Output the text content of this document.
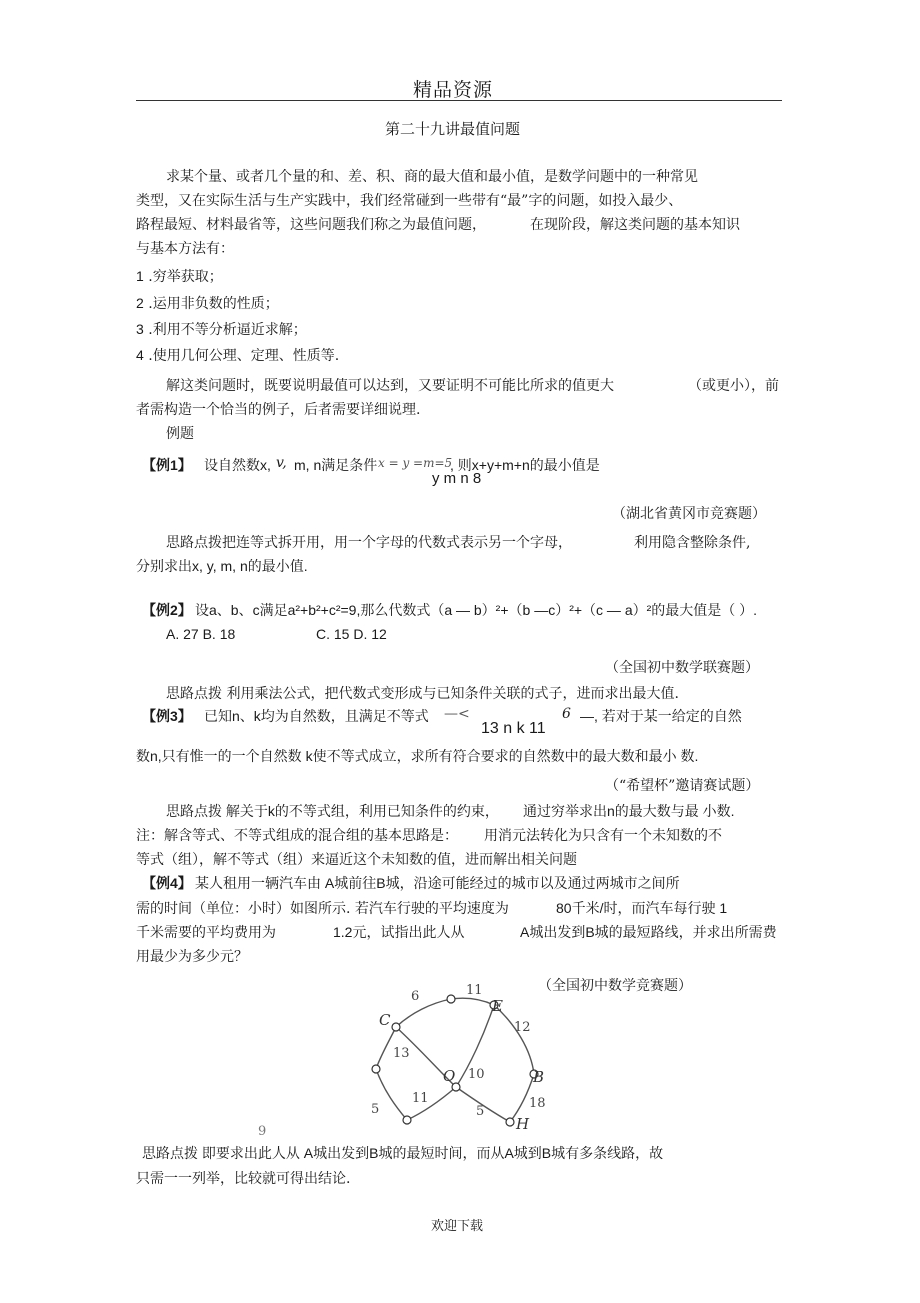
精品资源
第二十九讲最值问题
求某个量、或者几个量的和、差、积、商的最大值和最小值，是数学问题中的一种常见
类型，又在实际生活与生产实践中，我们经常碰到一些带有“最”字的问题，如投入最少、
路程最短、材料最省等，这些问题我们称之为最值问题，	在现阶段，解这类问题的基本知识
与基本方法有：
1 .穷举获取；
2 .运用非负数的性质；
3 .利用不等分析逼近求解；
4 .使用几何公理、定理、性质等.
解这类问题时，既要说明最值可以达到，又要证明不可能比所求的值更大	（或更小），前
者需构造一个恰当的例子，后者需要详细说理.
例题
【例1】 设自然数x, v, m, n满足条件 x = y =m=5
, 则x+y+m+n的最小值是
y m n 8
（湖北省黄冈市竞赛题）
思路点拨把连等式拆开用，用一个字母的代数式表示另一个字母，	利用隐含整除条件,
分别求出x, y, m, n的最小值.
【例2】 设a、b、c满足a²+b²+c²=9,那么代数式（a — b）²+（b —c）²+（c — a）²的最大值是（ ）.
A. 27 B. 18	C. 15 D. 12
（全国初中数学联赛题）
思路点拨 利用乘法公式，把代数式变形成与已知条件关联的式子，进而求出最大值.
【例3】 已知n、k均为自然数，且满足不等式 —<
13 n k 11
6 —, 若对于某一给定的自然
数n,只有惟一的一个自然数 k使不等式成立，求所有符合要求的自然数中的最大数和最小 数.
（“希望杯”邀请赛试题）
思路点拨 解关于k的不等式组，利用已知条件的约束， 通过穷举求出n的最大数与最 小数.
注：解含等式、不等式组成的混合组的基本思路是： 用消元法转化为只含有一个未知数的不
等式（组），解不等式（组）来逼近这个未知数的值，进而解出相关问题
【例4】 某人租用一辆汽车由 A城前往B城，沿途可能经过的城市以及通过两城市之间所
需的时间（单位：小时）如图所示. 若汽车行驶的平均速度为	80千米/时，而汽车每行驶 1
千米需要的平均费用为	1.2元，试指出此人从	A城出发到B城的最短路线，并求出所需费
用最少为多少元？
（全国初中数学竞赛题）
C
E
O	B
H
6	11
12
13
10
18
11
5	5
9
思路点拨 即要求出此人从 A城出发到B城的最短时间，而从A城到B城有多条线路，故
只需一一列举，比较就可得出结论.
欢迎下载
